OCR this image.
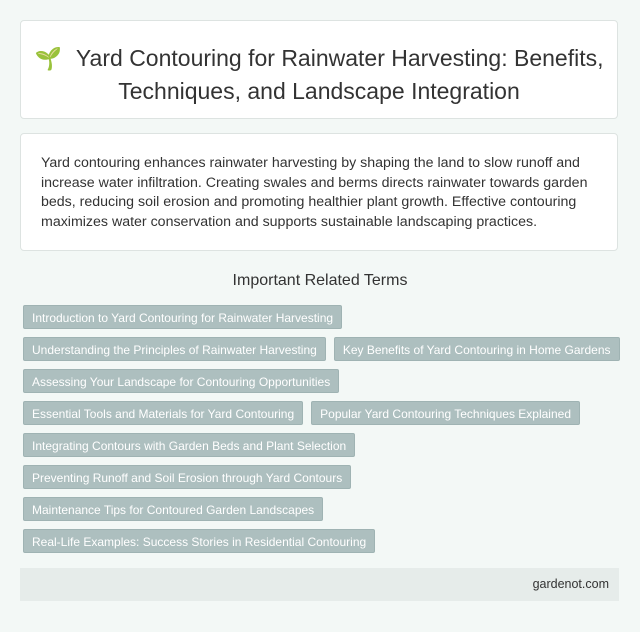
🌱 Yard Contouring for Rainwater Harvesting: Benefits, Techniques, and Landscape Integration

Yard contouring enhances rainwater harvesting by shaping the land to slow runoff and increase water infiltration. Creating swales and berms directs rainwater towards garden beds, reducing soil erosion and promoting healthier plant growth. Effective contouring maximizes water conservation and supports sustainable landscaping practices.

Important Related Terms
Introduction to Yard Contouring for Rainwater Harvesting
Understanding the Principles of Rainwater Harvesting	Key Benefits of Yard Contouring in Home Gardens
Assessing Your Landscape for Contouring Opportunities
Essential Tools and Materials for Yard Contouring	Popular Yard Contouring Techniques Explained
Integrating Contours with Garden Beds and Plant Selection
Preventing Runoff and Soil Erosion through Yard Contours
Maintenance Tips for Contoured Garden Landscapes
Real-Life Examples: Success Stories in Residential Contouring
gardenot.com
